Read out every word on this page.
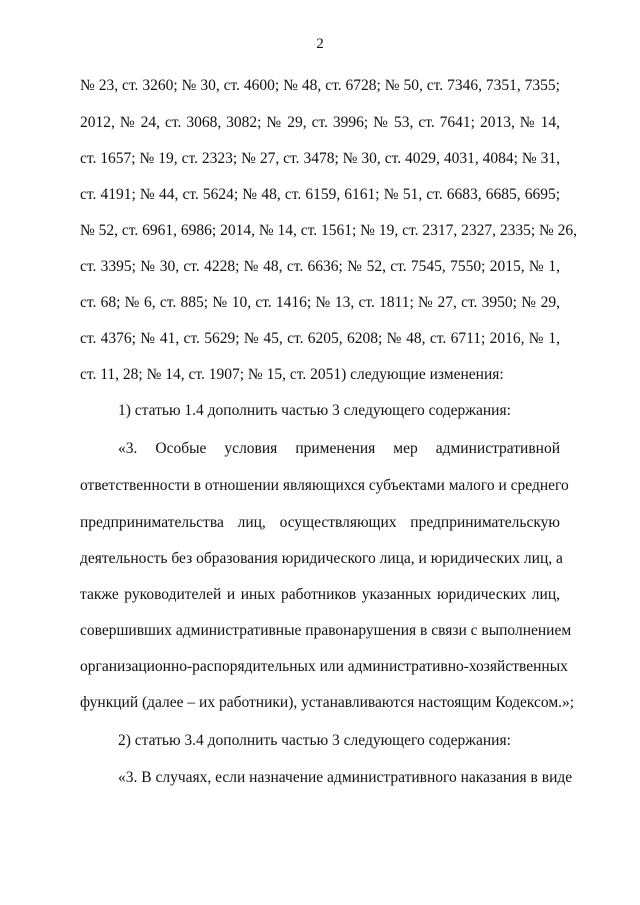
2
№ 23, ст. 3260; № 30, ст. 4600; № 48, ст. 6728; № 50, ст. 7346, 7351, 7355;
2012, № 24, ст. 3068, 3082; № 29, ст. 3996; № 53, ст. 7641; 2013, № 14,
ст. 1657; № 19, ст. 2323; № 27, ст. 3478; № 30, ст. 4029, 4031, 4084; № 31,
ст. 4191; № 44, ст. 5624; № 48, ст. 6159, 6161; № 51, ст. 6683, 6685, 6695;
№ 52, ст. 6961, 6986; 2014, № 14, ст. 1561; № 19, ст. 2317, 2327, 2335; № 26,
ст. 3395; № 30, ст. 4228; № 48, ст. 6636; № 52, ст. 7545, 7550; 2015, № 1,
ст. 68; № 6, ст. 885; № 10, ст. 1416; № 13, ст. 1811; № 27, ст. 3950; № 29,
ст. 4376; № 41, ст. 5629; № 45, ст. 6205, 6208; № 48, ст. 6711; 2016, № 1,
ст. 11, 28; № 14, ст. 1907; № 15, ст. 2051) следующие изменения:
1) статью 1.4 дополнить частью 3 следующего содержания:
«3. Особые условия применения мер административной
ответственности в отношении являющихся субъектами малого и среднего
предпринимательства лиц, осуществляющих предпринимательскую
деятельность без образования юридического лица, и юридических лиц, а
также руководителей и иных работников указанных юридических лиц,
совершивших административные правонарушения в связи с выполнением
организационно-распорядительных или административно-хозяйственных
функций (далее – их работники), устанавливаются настоящим Кодексом.»;
2) статью 3.4 дополнить частью 3 следующего содержания:
«3. В случаях, если назначение административного наказания в виде
